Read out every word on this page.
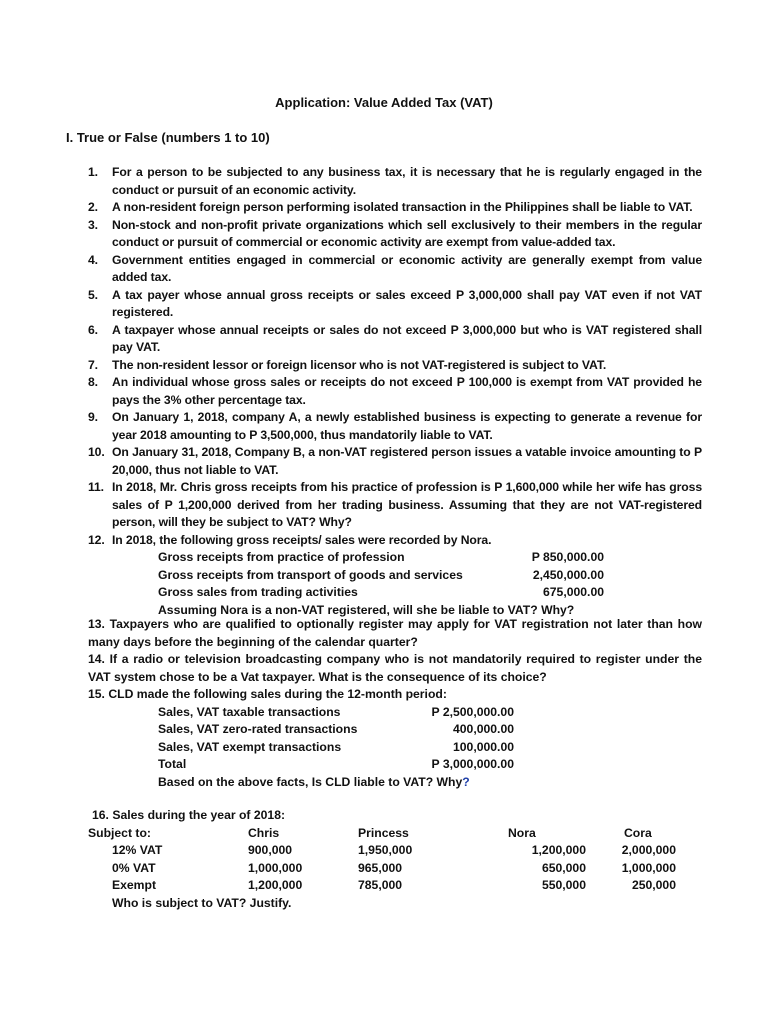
Application: Value Added Tax (VAT)
I. True or False (numbers 1 to 10)
1.	For a person to be subjected to any business tax, it is necessary that he is regularly engaged in the conduct or pursuit of an economic activity.
2.	A non-resident foreign person performing isolated transaction in the Philippines shall be liable to VAT.
3.	Non-stock and non-profit private organizations which sell exclusively to their members in the regular conduct or pursuit of commercial or economic activity are exempt from value-added tax.
4.	Government entities engaged in commercial or economic activity are generally exempt from value added tax.
5.	A tax payer whose annual gross receipts or sales exceed P 3,000,000 shall pay VAT even if not VAT registered.
6.	A taxpayer whose annual receipts or sales do not exceed P 3,000,000 but who is VAT registered shall pay VAT.
7.	The non-resident lessor or foreign licensor who is not VAT-registered is subject to VAT.
8.	An individual whose gross sales or receipts do not exceed P 100,000 is exempt from VAT provided he pays the 3% other percentage tax.
9.	On January 1, 2018, company A, a newly established business is expecting to generate a revenue for year 2018 amounting to P 3,500,000, thus mandatorily liable to VAT.
10. On January 31, 2018, Company B, a non-VAT registered person issues a vatable invoice amounting to P 20,000, thus not liable to VAT.
11. In 2018, Mr. Chris gross receipts from his practice of profession is P 1,600,000 while her wife has gross sales of P 1,200,000 derived from her trading business. Assuming that they are not VAT-registered person, will they be subject to VAT? Why?
12. In 2018, the following gross receipts/ sales were recorded by Nora.
Gross receipts from practice of profession	P 850,000.00
Gross receipts from transport of goods and services	2,450,000.00
Gross sales from trading activities	675,000.00
Assuming Nora is a non-VAT registered, will she be liable to VAT? Why?
13. Taxpayers who are qualified to optionally register may apply for VAT registration not later than how many days before the beginning of the calendar quarter?
14. If a radio or television broadcasting company who is not mandatorily required to register under the VAT system chose to be a Vat taxpayer. What is the consequence of its choice?
15. CLD made the following sales during the 12-month period:
Sales, VAT taxable transactions	P 2,500,000.00
Sales, VAT zero-rated transactions	400,000.00
Sales, VAT exempt transactions	100,000.00
Total	P 3,000,000.00
Based on the above facts, Is CLD liable to VAT? Why?
16. Sales during the year of 2018:
Subject to:	Chris	Princess	Nora	Cora
12% VAT	900,000	1,950,000	1,200,000	2,000,000
0% VAT	1,000,000	965,000	650,000	1,000,000
Exempt	1,200,000	785,000	550,000	250,000
Who is subject to VAT? Justify.
